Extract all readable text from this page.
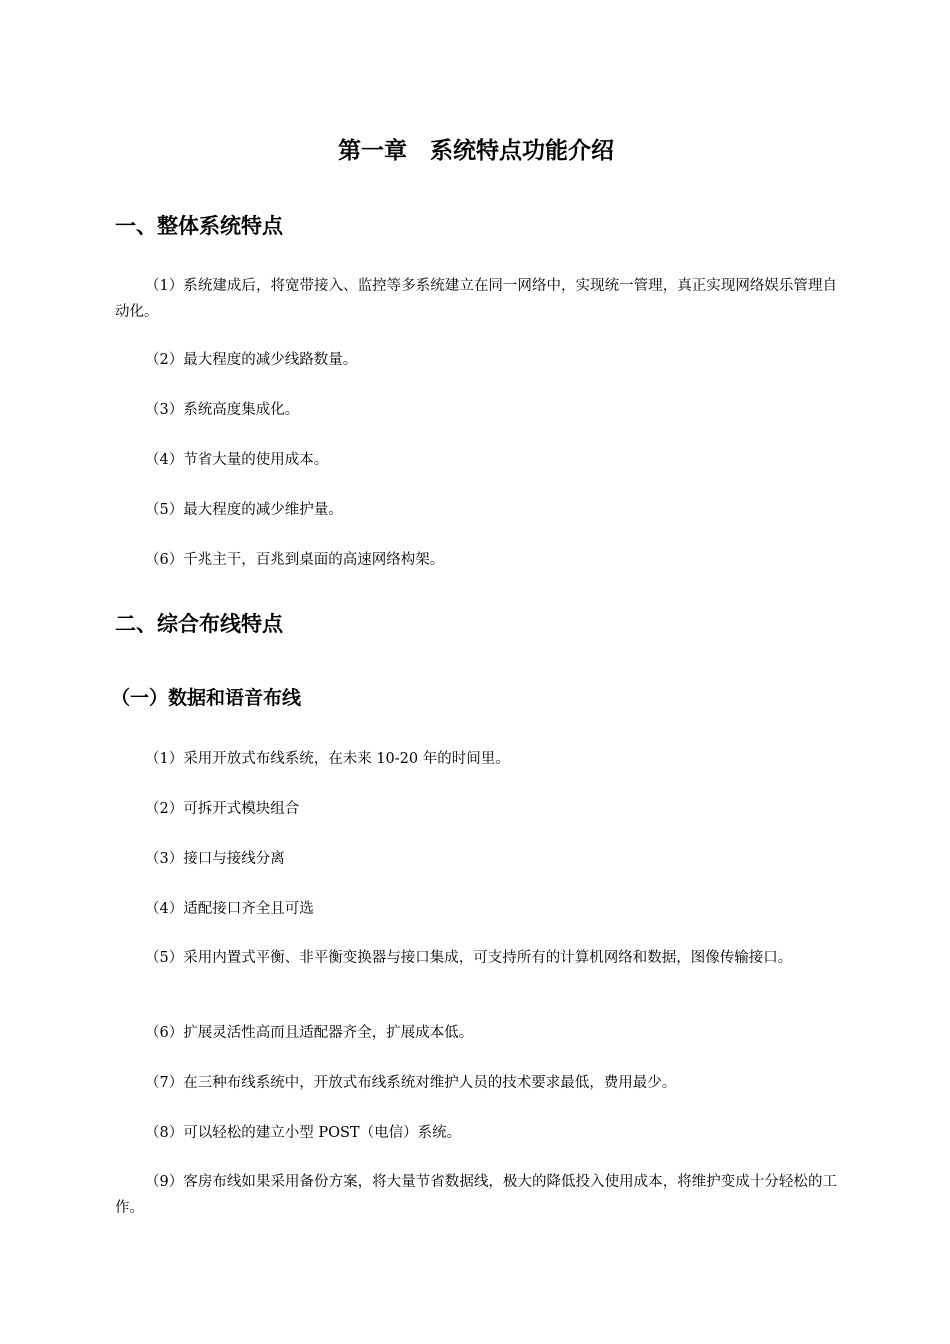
第一章　系统特点功能介绍
一、整体系统特点

（1）系统建成后，将宽带接入、监控等多系统建立在同一网络中，实现统一管理，真正实现网络娱乐管理自动化。

（2）最大程度的减少线路数量。

（3）系统高度集成化。

（4）节省大量的使用成本。

（5）最大程度的减少维护量。

（6）千兆主干，百兆到桌面的高速网络构架。

二、综合布线特点
（一）数据和语音布线

（1）采用开放式布线系统，在未来 10-20 年的时间里。

（2）可拆开式模块组合

（3）接口与接线分离

（4）适配接口齐全且可选

（5）采用内置式平衡、非平衡变换器与接口集成，可支持所有的计算机网络和数据，图像传输接口。

（6）扩展灵活性高而且适配器齐全，扩展成本低。

（7）在三种布线系统中，开放式布线系统对维护人员的技术要求最低，费用最少。

（8）可以轻松的建立小型 POST（电信）系统。

（9）客房布线如果采用备份方案，将大量节省数据线，极大的降低投入使用成本，将维护变成十分轻松的工作。
